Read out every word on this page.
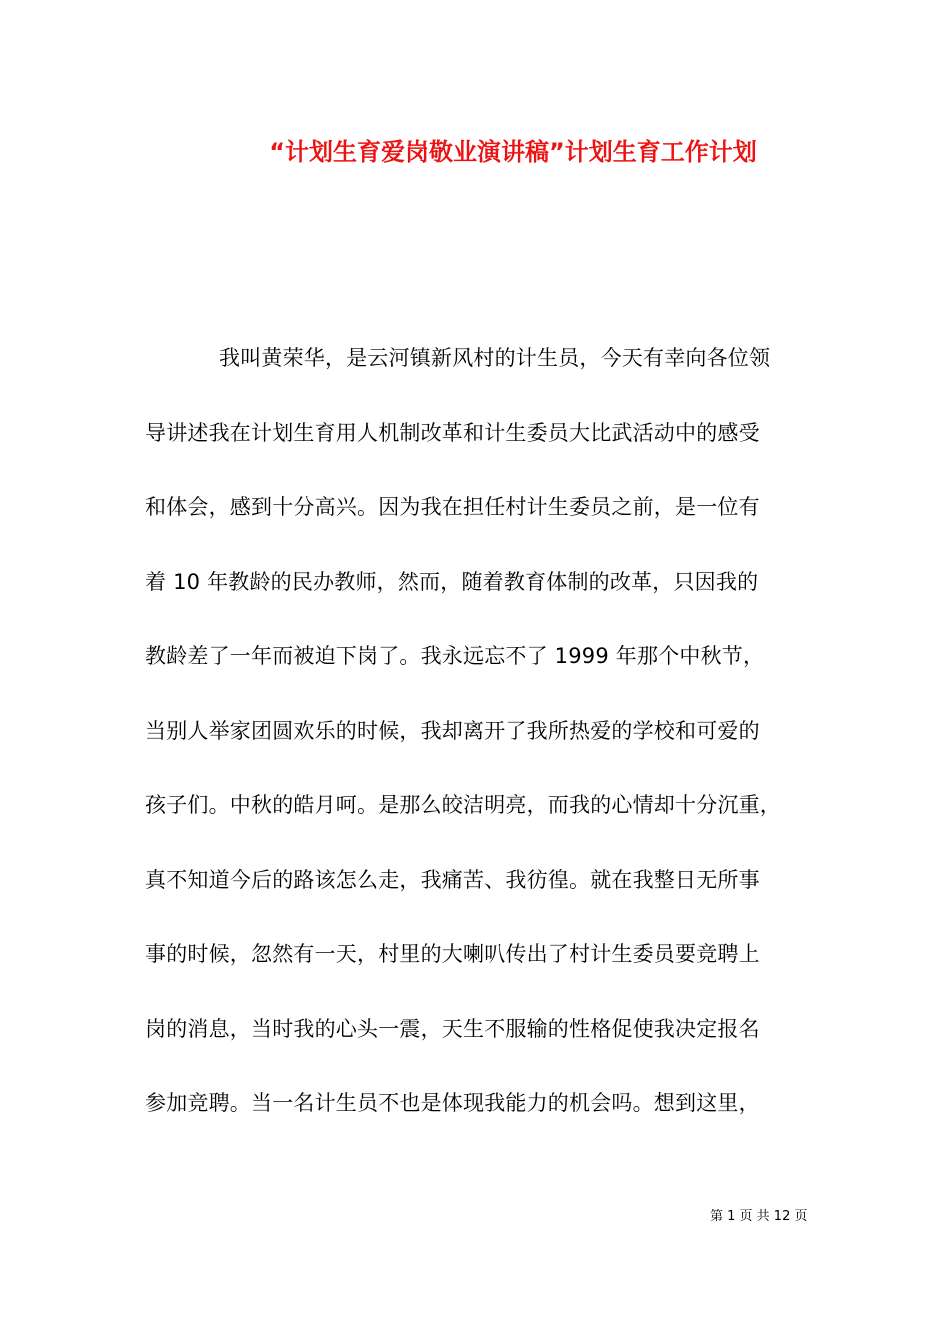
“计划生育爱岗敬业演讲稿”计划生育工作计划
我叫黄荣华，是云河镇新风村的计生员，今天有幸向各位领
导讲述我在计划生育用人机制改革和计生委员大比武活动中的感受
和体会，感到十分高兴。因为我在担任村计生委员之前，是一位有
着 10 年教龄的民办教师，然而，随着教育体制的改革，只因我的
教龄差了一年而被迫下岗了。我永远忘不了 1999 年那个中秋节，
当别人举家团圆欢乐的时候，我却离开了我所热爱的学校和可爱的
孩子们。中秋的皓月呵。是那么皎洁明亮，而我的心情却十分沉重，
真不知道今后的路该怎么走，我痛苦、我彷徨。就在我整日无所事
事的时候，忽然有一天，村里的大喇叭传出了村计生委员要竞聘上
岗的消息，当时我的心头一震，天生不服输的性格促使我决定报名
参加竞聘。当一名计生员不也是体现我能力的机会吗。想到这里，
第 1 页 共 12 页
